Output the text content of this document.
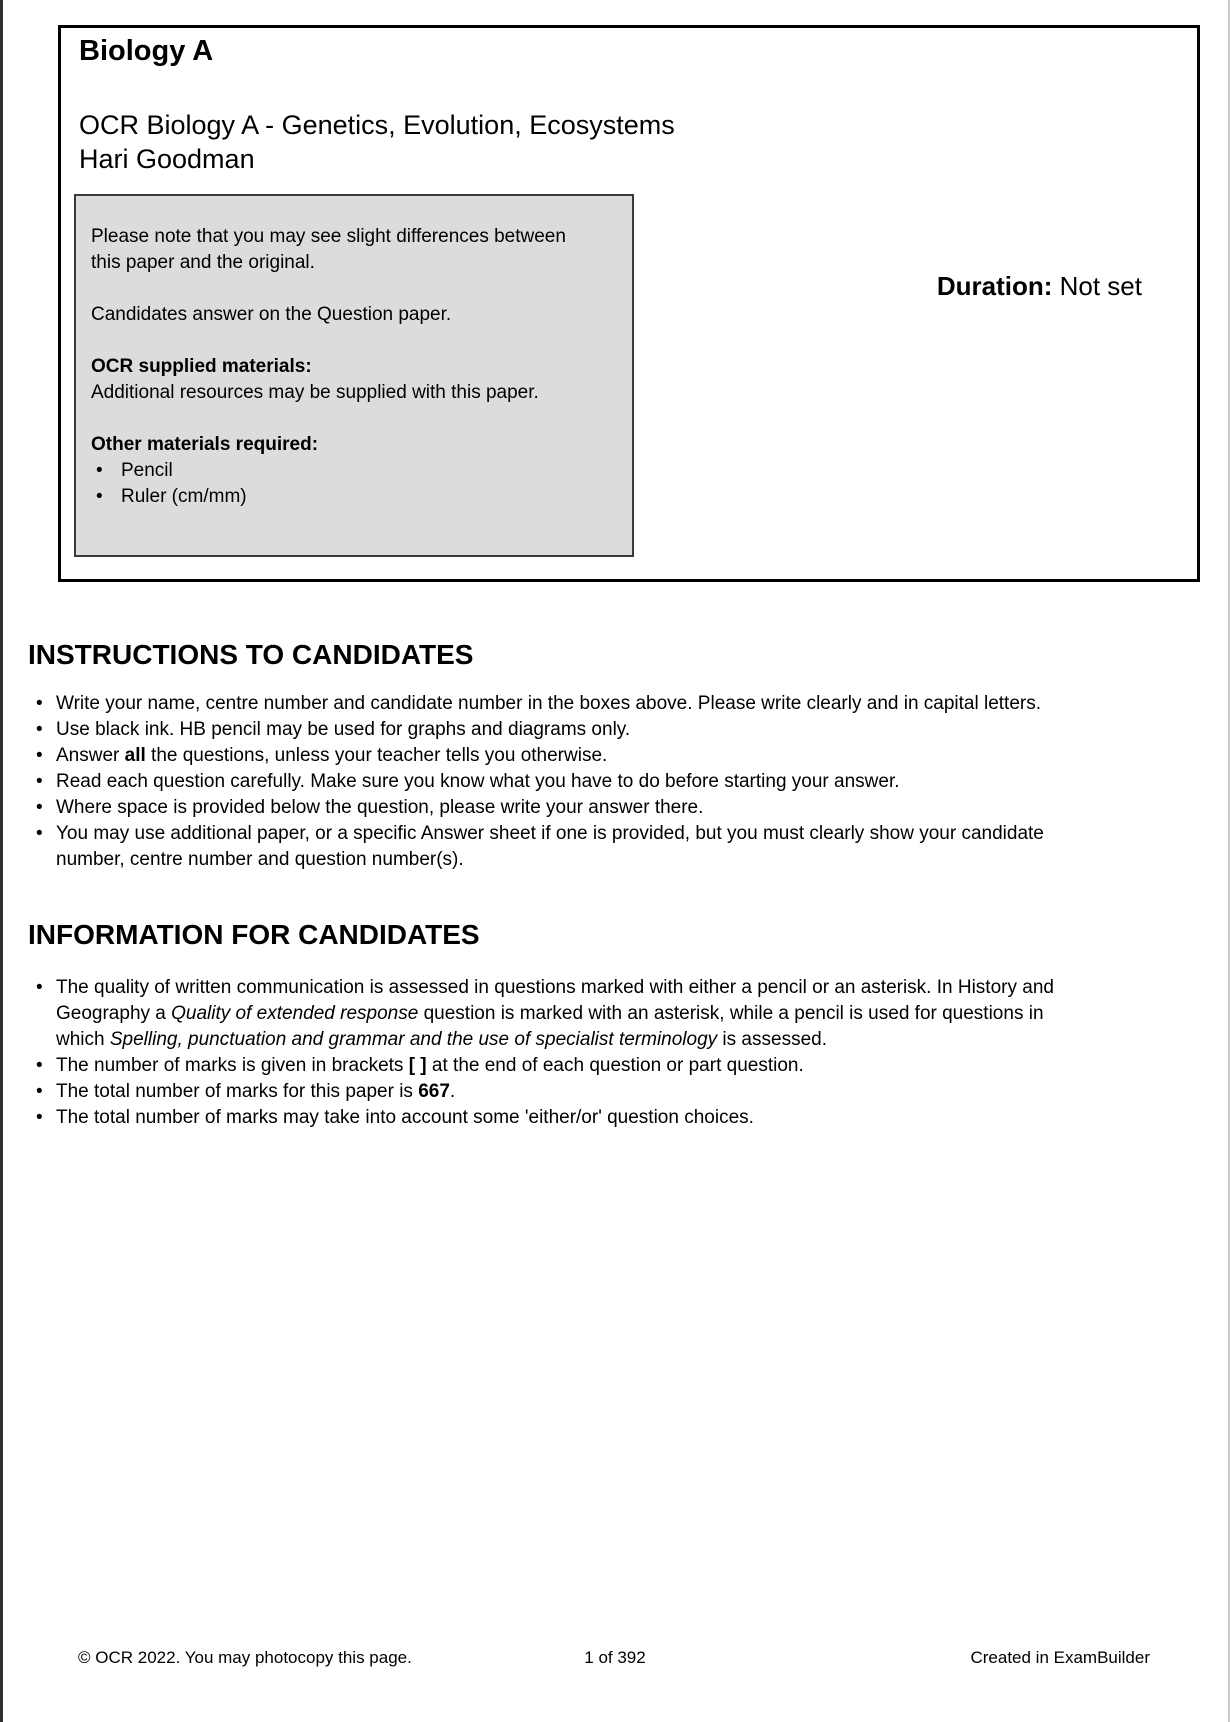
Biology A
OCR Biology A - Genetics, Evolution, Ecosystems
Hari Goodman
Duration: Not set
Please note that you may see slight differences between
this paper and the original.
Candidates answer on the Question paper.
OCR supplied materials:
Additional resources may be supplied with this paper.
Other materials required:
• Pencil
• Ruler (cm/mm)
INSTRUCTIONS TO CANDIDATES
• Write your name, centre number and candidate number in the boxes above. Please write clearly and in capital letters.
• Use black ink. HB pencil may be used for graphs and diagrams only.
• Answer all the questions, unless your teacher tells you otherwise.
• Read each question carefully. Make sure you know what you have to do before starting your answer.
• Where space is provided below the question, please write your answer there.
• You may use additional paper, or a specific Answer sheet if one is provided, but you must clearly show your candidate
number, centre number and question number(s).
INFORMATION FOR CANDIDATES
• The quality of written communication is assessed in questions marked with either a pencil or an asterisk. In History and
Geography a Quality of extended response question is marked with an asterisk, while a pencil is used for questions in
which Spelling, punctuation and grammar and the use of specialist terminology is assessed.
• The number of marks is given in brackets [ ] at the end of each question or part question.
• The total number of marks for this paper is 667.
• The total number of marks may take into account some 'either/or' question choices.
1 of 392
© OCR 2022. You may photocopy this page.	Created in ExamBuilder
